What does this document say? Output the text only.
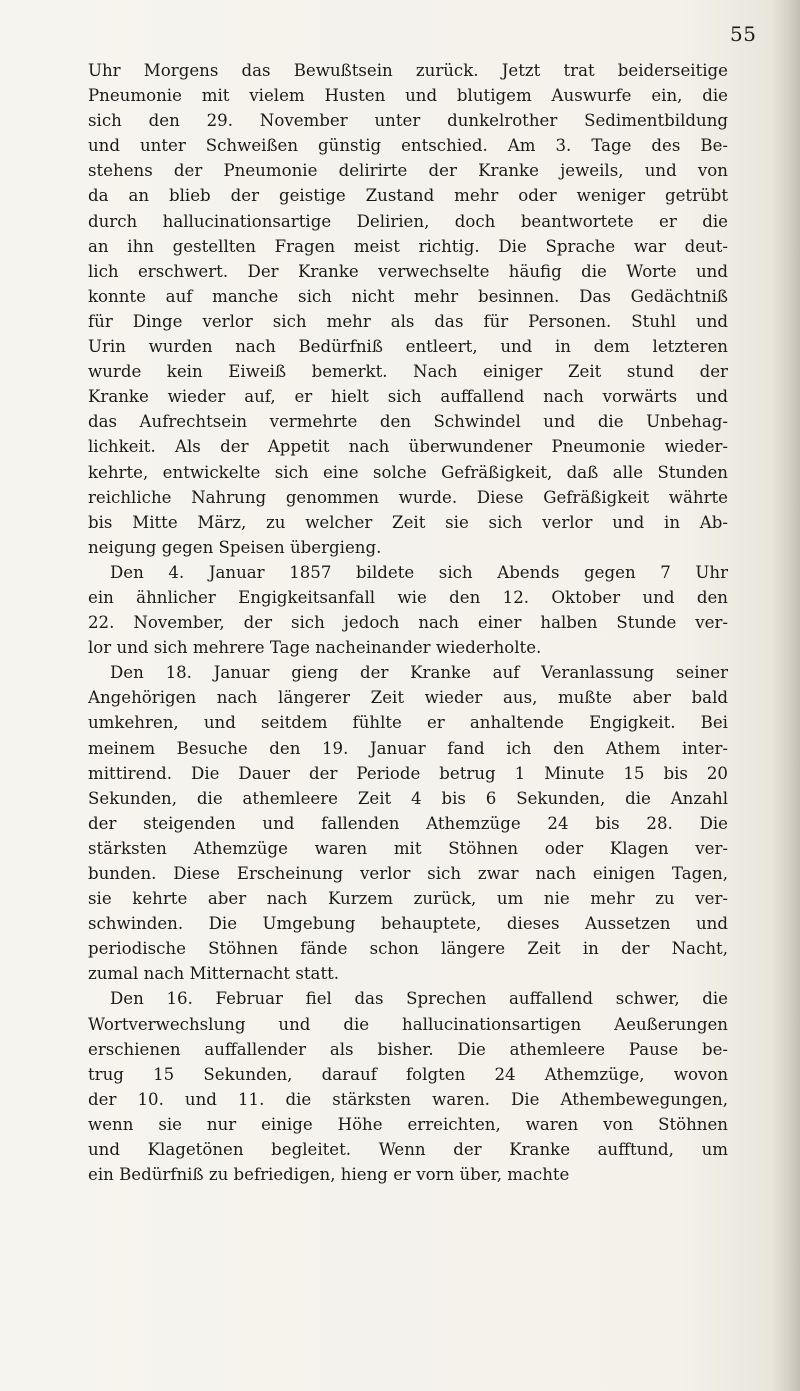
55
Uhr Morgens das Bewußtsein zurück. Jetzt trat beiderseitige
Pneumonie mit vielem Husten und blutigem Auswurfe ein, die
sich den 29. November unter dunkelrother Sedimentbildung
und unter Schweißen günstig entschied. Am 3. Tage des Be-
stehens der Pneumonie delirirte der Kranke jeweils, und von
da an blieb der geistige Zustand mehr oder weniger getrübt
durch hallucinationsartige Delirien, doch beantwortete er die
an ihn gestellten Fragen meist richtig. Die Sprache war deut-
lich erschwert. Der Kranke verwechselte häufig die Worte und
konnte auf manche sich nicht mehr besinnen. Das Gedächtniß
für Dinge verlor sich mehr als das für Personen. Stuhl und
Urin wurden nach Bedürfniß entleert, und in dem letzteren
wurde kein Eiweiß bemerkt. Nach einiger Zeit stund der
Kranke wieder auf, er hielt sich auffallend nach vorwärts und
das Aufrechtsein vermehrte den Schwindel und die Unbehag-
lichkeit. Als der Appetit nach überwundener Pneumonie wieder-
kehrte, entwickelte sich eine solche Gefräßigkeit, daß alle Stunden
reichliche Nahrung genommen wurde. Diese Gefräßigkeit währte
bis Mitte März, zu welcher Zeit sie sich verlor und in Ab-
neigung gegen Speisen übergieng.
Den 4. Januar 1857 bildete sich Abends gegen 7 Uhr
ein ähnlicher Engigkeitsanfall wie den 12. Oktober und den
22. November, der sich jedoch nach einer halben Stunde ver-
lor und sich mehrere Tage nacheinander wiederholte.
Den 18. Januar gieng der Kranke auf Veranlassung seiner
Angehörigen nach längerer Zeit wieder aus, mußte aber bald
umkehren, und seitdem fühlte er anhaltende Engigkeit. Bei
meinem Besuche den 19. Januar fand ich den Athem inter-
mittirend. Die Dauer der Periode betrug 1 Minute 15 bis 20
Sekunden, die athemleere Zeit 4 bis 6 Sekunden, die Anzahl
der steigenden und fallenden Athemzüge 24 bis 28. Die
stärksten Athemzüge waren mit Stöhnen oder Klagen ver-
bunden. Diese Erscheinung verlor sich zwar nach einigen Tagen,
sie kehrte aber nach Kurzem zurück, um nie mehr zu ver-
schwinden. Die Umgebung behauptete, dieses Aussetzen und
periodische Stöhnen fände schon längere Zeit in der Nacht,
zumal nach Mitternacht statt.
Den 16. Februar fiel das Sprechen auffallend schwer, die
Wortverwechslung und die hallucinationsartigen Aeußerungen
erschienen auffallender als bisher. Die athemleere Pause be-
trug 15 Sekunden, darauf folgten 24 Athemzüge, wovon
der 10. und 11. die stärksten waren. Die Athembewegungen,
wenn sie nur einige Höhe erreichten, waren von Stöhnen
und Klagetönen begleitet. Wenn der Kranke aufftund, um
ein Bedürfniß zu befriedigen, hieng er vorn über, machte
